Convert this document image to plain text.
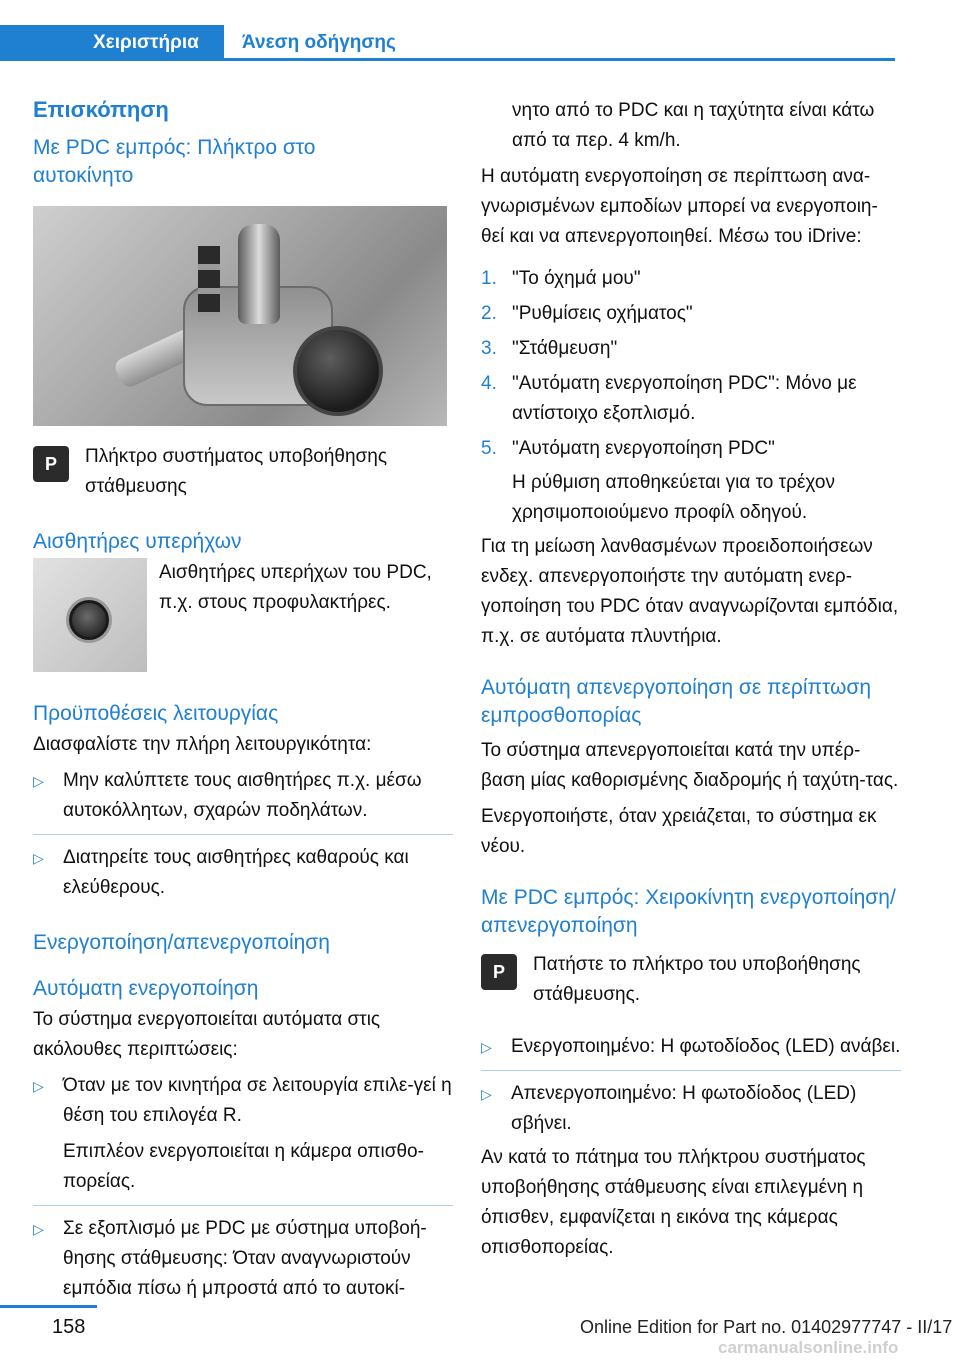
Χειριστήρια	Άνεση οδήγησης
Επισκόπηση
Με PDC εμπρός: Πλήκτρο στο αυτοκίνητο
P	Πλήκτρο συστήματος υποβοήθησης στάθμευσης

Αισθητήρες υπερήχων

Αισθητήρες υπερήχων του PDC, π.χ. στους προφυλακτήρες.

Προϋποθέσεις λειτουργίας

Διασφαλίστε την πλήρη λειτουργικότητα:

▷ Μην καλύπτετε τους αισθητήρες π.χ. μέσω αυτοκόλλητων, σχαρών ποδηλάτων.
▷ Διατηρείτε τους αισθητήρες καθαρούς και ελεύθερους.
Ενεργοποίηση/απενεργοποίηση
Αυτόματη ενεργοποίηση

Το σύστημα ενεργοποιείται αυτόματα στις ακόλουθες περιπτώσεις:

▷ Όταν με τον κινητήρα σε λειτουργία επιλε‐γεί η θέση του επιλογέα R.

Επιπλέον ενεργοποιείται η κάμερα οπισθο‐πορείας.

▷ Σε εξοπλισμό με PDC με σύστημα υποβοή‐θησης στάθμευσης: Όταν αναγνωριστούν εμπόδια πίσω ή μπροστά από το αυτοκί‐

νητο από το PDC και η ταχύτητα είναι κάτω από τα περ. 4 km/h.

Η αυτόματη ενεργοποίηση σε περίπτωση ανα‐γνωρισμένων εμποδίων μπορεί να ενεργοποιη‐θεί και να απενεργοποιηθεί. Μέσω του iDrive:

1. "Το όχημά μου"
2. "Ρυθμίσεις οχήματος"
3. "Στάθμευση"
4. "Αυτόματη ενεργοποίηση PDC": Μόνο με αντίστοιχο εξοπλισμό.
5. "Αυτόματη ενεργοποίηση PDC"

Η ρύθμιση αποθηκεύεται για το τρέχον χρησιμοποιούμενο προφίλ οδηγού.

Για τη μείωση λανθασμένων προειδοποιήσεων ενδεχ. απενεργοποιήστε την αυτόματη ενερ‐γοποίηση του PDC όταν αναγνωρίζονται εμπόδια, π.χ. σε αυτόματα πλυντήρια.

Αυτόματη απενεργοποίηση σε περίπτωση εμπροσθοπορίας

Το σύστημα απενεργοποιείται κατά την υπέρ‐βαση μίας καθορισμένης διαδρομής ή ταχύτη‐τας.

Ενεργοποιήστε, όταν χρειάζεται, το σύστημα εκ νέου.

Με PDC εμπρός: Χειροκίνητη ενεργοποίηση/απενεργοποίηση
P	Πατήστε το πλήκτρο του υποβοήθησης στάθμευσης.

▷ Ενεργοποιημένο: Η φωτοδίοδος (LED) ανάβει.
▷ Απενεργοποιημένο: Η φωτοδίοδος (LED) σβήνει.

Αν κατά το πάτημα του πλήκτρου συστήματος υποβοήθησης στάθμευσης είναι επιλεγμένη η όπισθεν, εμφανίζεται η εικόνα της κάμερας οπισθοπορείας.

158	Online Edition for Part no. 01402977747 - II/17
carmanualsonline.info
